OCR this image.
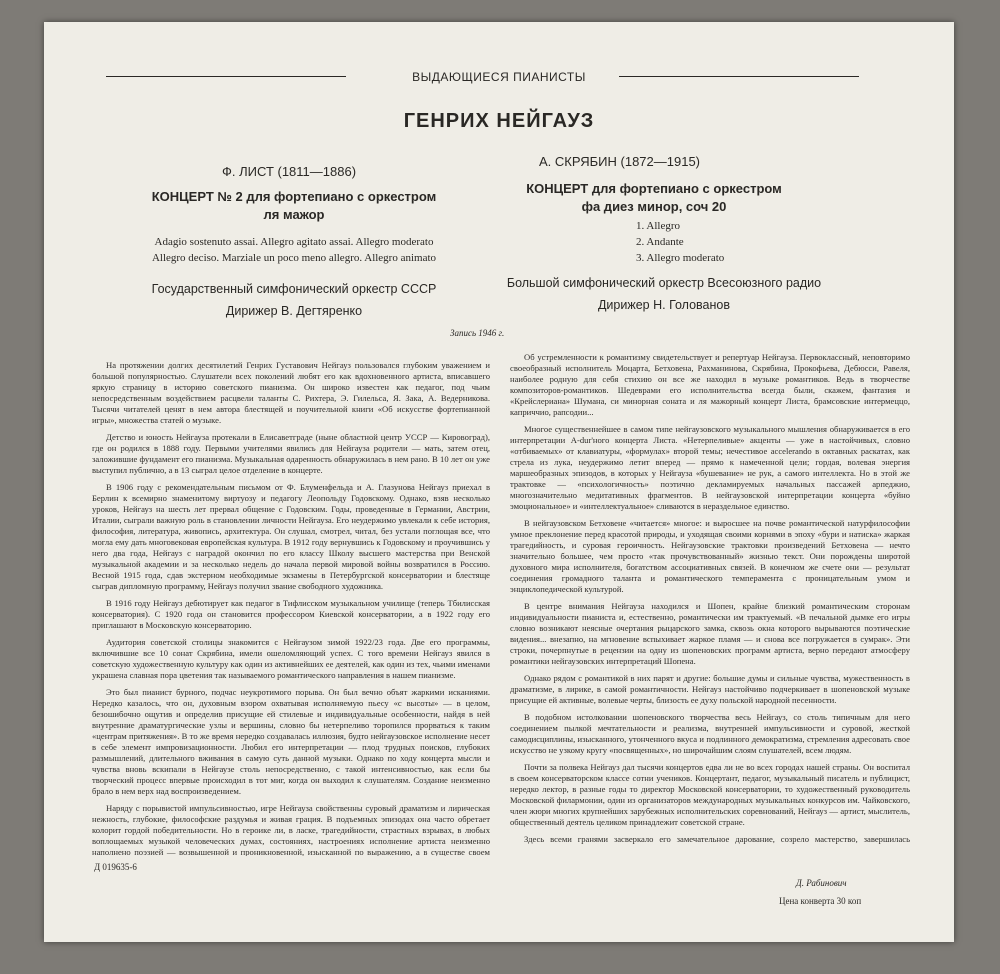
ВЫДАЮЩИЕСЯ ПИАНИСТЫ
ГЕНРИХ НЕЙГАУЗ
Ф. ЛИСТ (1811—1886)
КОНЦЕРТ № 2 для фортепиано с оркестром
ля мажор
Adagio sostenuto assai. Allegro agitato assai. Allegro moderato
Allegro deciso. Marziale un poco meno allegro. Allegro animato
Государственный симфонический оркестр СССР
Дирижер В. Дегтяренко
А. СКРЯБИН (1872—1915)
КОНЦЕРТ для фортепиано с оркестром
фа диез минор, соч 20
1. Allegro
2. Andante
3. Allegro moderato
Большой симфонический оркестр Всесоюзного радио
Дирижер Н. Голованов
Запись 1946 г.

На протяжении долгих десятилетий Генрих Густавович Нейгауз пользовался глубоким уважением и большой популярностью. Слушатели всех поколений любят его как вдохновенного артиста, вписавшего яркую страницу в историю советского пианизма. Он широко известен как педагог, под чьим непосредственным воздействием расцвели таланты С. Рихтера, Э. Гилельса, Я. Зака, А. Ведерникова. Тысячи читателей ценят в нем автора блестящей и поучительной книги «Об искусстве фортепианной игры», множества статей о музыке.

Детство и юность Нейгауза протекали в Елисаветграде (ныне областной центр УССР — Кировоград), где он родился в 1888 году. Первыми учителями явились для Нейгауза родители — мать, затем отец, заложившие фундамент его пианизма. Музыкальная одаренность обнаружилась в нем рано. В 10 лет он уже выступил публично, а в 13 сыграл целое отделение в концерте.

В 1906 году с рекомендательным письмом от Ф. Блуменфельда и А. Глазунова Нейгауз приехал в Берлин к всемирно знаменитому виртуозу и педагогу Леопольду Годовскому. Однако, взяв несколько уроков, Нейгауз на шесть лет прервал общение с Годовским. Годы, проведенные в Германии, Австрии, Италии, сыграли важную роль в становлении личности Нейгауза. Его неудержимо увлекали к себе история, философия, литература, живопись, архитектура. Он слушал, смотрел, читал, без устали поглощая все, что могла ему дать многовековая европейская культура. В 1912 году вернувшись к Годовскому и проучившись у него два года, Нейгауз с наградой окончил по его классу Школу высшего мастерства при Венской музыкальной академии и за несколько недель до начала первой мировой войны возвратился в Россию. Весной 1915 года, сдав экстерном необходимые экзамены в Петербургской консерватории и блестяще сыграв дипломную программу, Нейгауз получил звание свободного художника.

В 1916 году Нейгауз дебютирует как педагог в Тифлисском музыкальном училище (теперь Тбилисская консерватория). С 1920 года он становится профессором Киевской консерватории, а в 1922 году его приглашают в Московскую консерваторию.

Аудитория советской столицы знакомится с Нейгаузом зимой 1922/23 года. Две его программы, включившие все 10 сонат Скрябина, имели ошеломляющий успех. С того времени Нейгауз явился в советскую художественную культуру как один из активнейших ее деятелей, как один из тех, чьими именами украшена славная пора цветения так называемого романтического направления в нашем пианизме.

Это был пианист бурного, подчас неукротимого порыва. Он был вечно объят жаркими исканиями. Нередко казалось, что он, духовным взором охватывая исполняемую пьесу «с высоты» — в целом, безошибочно ощутив и определив присущие ей стилевые и индивидуальные особенности, найдя в ней внутренние драматургические узлы и вершины, словно бы нетерпеливо торопился прорваться к таким «центрам притяжения». В то же время нередко создавалась иллюзия, будто нейгаузовское исполнение несет в себе элемент импровизационности. Любил его интерпретации — плод трудных поисков, глубоких размышлений, длительного вживания в самую суть данной музыки. Однако по ходу концерта мысли и чувства вновь вскипали в Нейгаузе столь непосредственно, с такой интенсивностью, как если бы творческий процесс впервые происходил в тот миг, когда он выходил к слушателям. Создание неизменно брало в нем верх над воспроизведением.

Наряду с порывистой импульсивностью, игре Нейгауза свойственны суровый драматизм и лирическая нежность, глубокие, философские раздумья и живая грация. В подъемных эпизодах она часто обретает колорит гордой победительности. Но в героике ли, в ласке, трагедийности, страстных взрывах, в любых воплощаемых музыкой человеческих думах, состояниях, настроениях исполнение артиста неизменно наполнено поэзией — возвышенной и проникновенной, изысканной по выражению, а в существе своем

Об устремленности к романтизму свидетельствует и репертуар Нейгауза. Первоклассный, неповторимо своеобразный исполнитель Моцарта, Бетховена, Рахманинова, Скрябина, Прокофьева, Дебюсси, Равеля, наиболее родную для себя стихию он все же находил в музыке романтиков. Ведь в творчестве композиторов-романтиков. Шедеврами его исполнительства всегда были, скажем, фантазия и «Крейслериана» Шумана, си минорная соната и ля мажорный концерт Листа, брамсовские интермеццо, каприччио, рапсодии...

Многое существеннейшее в самом типе нейгаузовского музыкального мышления обнаруживается в его интерпретации A-dur'ного концерта Листа. «Нетерпеливые» акценты — уже в настойчивых, словно «отбиваемых» от клавиатуры, «формулах» второй темы; нечестивое accelerando в октавных раскатах, как стрела из лука, неудержимо летит вперед — прямо к намеченной цели; гордая, волевая энергия маршеобразных эпизодов, в которых у Нейгауза «бушевание» не рук, а самого интеллекта. Но в этой же трактовке — «психологичность» поэтично декламируемых начальных пассажей арпеджио, многозначительно медитативных фрагментов. В нейгаузовской интерпретации концерта «буйно эмоциональное» и «интеллектуальное» сливаются в нераздельное единство.

В нейгаузовском Бетховене «читается» многое: и выросшее на почве романтической натурфилософии умное преклонение перед красотой природы, и уходящая своими корнями в эпоху «бури и натиска» жаркая трагедийность, и суровая героичность. Нейгаузовские трактовки произведений Бетховена — нечто значительно большее, чем просто «так прочувствованный» жизнью текст. Они порождены широтой духовного мира исполнителя, богатством ассоциативных связей. В конечном же счете они — результат соединения громадного таланта и романтического темперамента с проницательным умом и энциклопедической культурой.

В центре внимания Нейгауза находился и Шопен, крайне близкий романтическим сторонам индивидуальности пианиста и, естественно, романтически им трактуемый. «В печальной дымке его игры словно возникают неясные очертания рыцарского замка, сквозь окна которого вырываются поэтические видения... внезапно, на мгновение вспыхивает жаркое пламя — и снова все погружается в сумрак». Эти строки, почерпнутые в рецензии на одну из шопеновских программ артиста, верно передают атмосферу романтики нейгаузовских интерпретаций Шопена.

Однако рядом с романтикой в них парят и другие: большие думы и сильные чувства, мужественность в драматизме, в лирике, в самой романтичности. Нейгауз настойчиво подчеркивает в шопеновской музыке присущие ей активные, волевые черты, близость ее духу польской народной песенности.

В подобном истолковании шопеновского творчества весь Нейгауз, со столь типичным для него соединением пылкой мечтательности и реализма, внутренней импульсивности и суровой, жесткой самодисциплины, изысканного, утонченного вкуса и подлинного демократизма, стремления адресовать свое искусство не узкому кругу «посвященных», но широчайшим слоям слушателей, всем людям.

Почти за полвека Нейгауз дал тысячи концертов едва ли не во всех городах нашей страны. Он воспитал в своем консерваторском классе сотни учеников. Концертант, педагог, музыкальный писатель и публицист, нередко лектор, в разные годы то директор Московской консерватории, то художественный руководитель Московской филармонии, один из организаторов международных музыкальных конкурсов им. Чайковского, член жюри многих крупнейших зарубежных исполнительских соревнований, Нейгауз — артист, мыслитель, общественный деятель целиком принадлежит советской стране.

Здесь всеми гранями засверкало его замечательное дарование, созрело мастерство, завершилась

Д. Рабинович
Д 019635-6
Цена конверта 30 коп
